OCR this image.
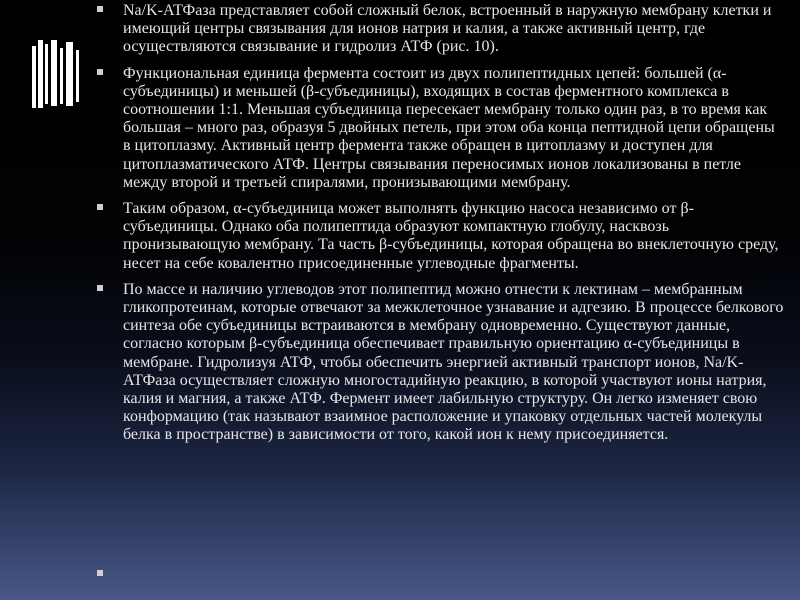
Na/K-АТФаза представляет собой сложный белок, встроенный в наружную мембрану клетки и имеющий центры связывания для ионов натрия и калия, а также активный центр, где осуществляются связывание и гидролиз АТФ (рис. 10).
Функциональная единица фермента состоит из двух полипептидных цепей: большей (α-субъединицы) и меньшей (β-субъединицы), входящих в состав ферментного комплекса в соотношении 1:1. Меньшая субъединица пересекает мембрану только один раз, в то время как большая – много раз, образуя 5 двойных петель, при этом оба конца пептидной цепи обращены в цитоплазму. Активный центр фермента также обращен в цитоплазму и доступен для цитоплазматического АТФ. Центры связывания переносимых ионов локализованы в петле между второй и третьей спиралями, пронизывающими мембрану.
Таким образом, α-субъединица может выполнять функцию насоса независимо от β-субъединицы. Однако оба полипептида образуют компактную глобулу, насквозь пронизывающую мембрану. Та часть β-субъединицы, которая обращена во внеклеточную среду, несет на себе ковалентно присоединенные углеводные фрагменты.
По массе и наличию углеводов этот полипептид можно отнести к лектинам – мембранным гликопротеинам, которые отвечают за межклеточное узнавание и адгезию. В процессе белкового синтеза обе субъединицы встраиваются в мембрану одновременно. Существуют данные, согласно которым β-субъединица обеспечивает правильную ориентацию α-субъединицы в мембране. Гидролизуя АТФ, чтобы обеспечить энергией активный транспорт ионов, Na/K-АТФаза осуществляет сложную многостадийную реакцию, в которой участвуют ионы натрия, калия и магния, а также АТФ. Фермент имеет лабильную структуру. Он легко изменяет свою конформацию (так называют взаимное расположение и упаковку отдельных частей молекулы белка в пространстве) в зависимости от того, какой ион к нему присоединяется.
